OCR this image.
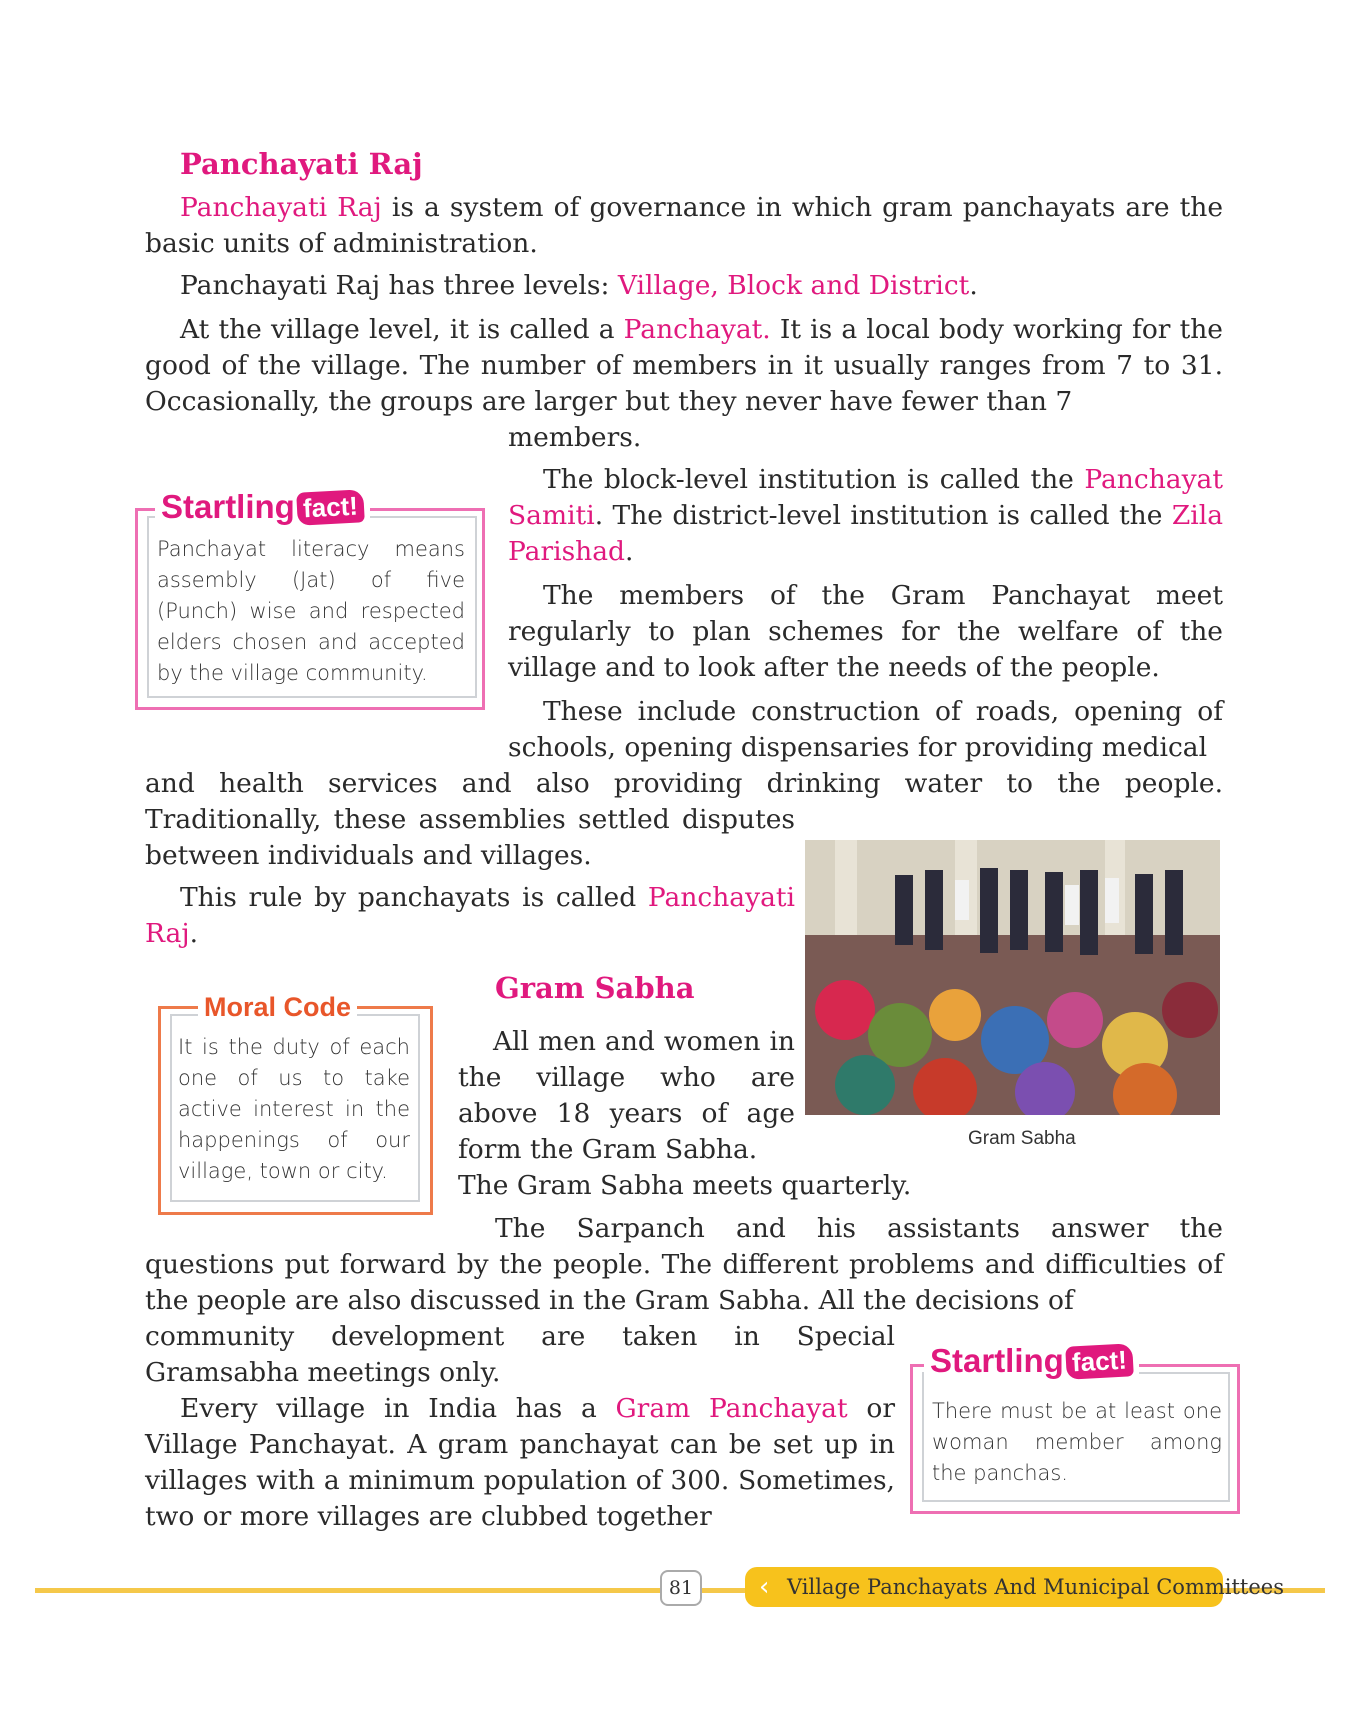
Panchayati Raj

Panchayati Raj is a system of governance in which gram panchayats are the basic units of administration.

Panchayati Raj has three levels: Village, Block and District.

At the village level, it is called a Panchayat. It is a local body working for the good of the village. The number of members in it usually ranges from 7 to 31. Occasionally, the groups are larger but they never have fewer than 7

members.

The block-level institution is called the Panchayat Samiti. The district-level institution is called the Zila Parishad.

The members of the Gram Panchayat meet regularly to plan schemes for the welfare of the village and to look after the needs of the people.

These include construction of roads, opening of schools, opening dispensaries for providing medical

and health services and also providing drinking water to the people.

Traditionally, these assemblies settled disputes between individuals and villages.

This rule by panchayats is called Panchayati Raj.

Startling fact!
Panchayat literacy means assembly (Jat) of five (Punch) wise and respected elders chosen and accepted by the village community.
Moral Code
It is the duty of each one of us to take active interest in the happenings of our village, town or city.
Gram Sabha

All men and women in the village who are above 18 years of age form the Gram Sabha.

The Gram Sabha meets quarterly.

The Sarpanch and his assistants answer the

questions put forward by the people. The different problems and difficulties of the people are also discussed in the Gram Sabha. All the decisions of

community development are taken in Special Gramsabha meetings only.

Every village in India has a Gram Panchayat or Village Panchayat. A gram panchayat can be set up in villages with a minimum population of 300. Sometimes, two or more villages are clubbed together

Gram Sabha
Startling fact!
There must be at least one woman member among the panchas.
81	‹ Village Panchayats And Municipal Committees
